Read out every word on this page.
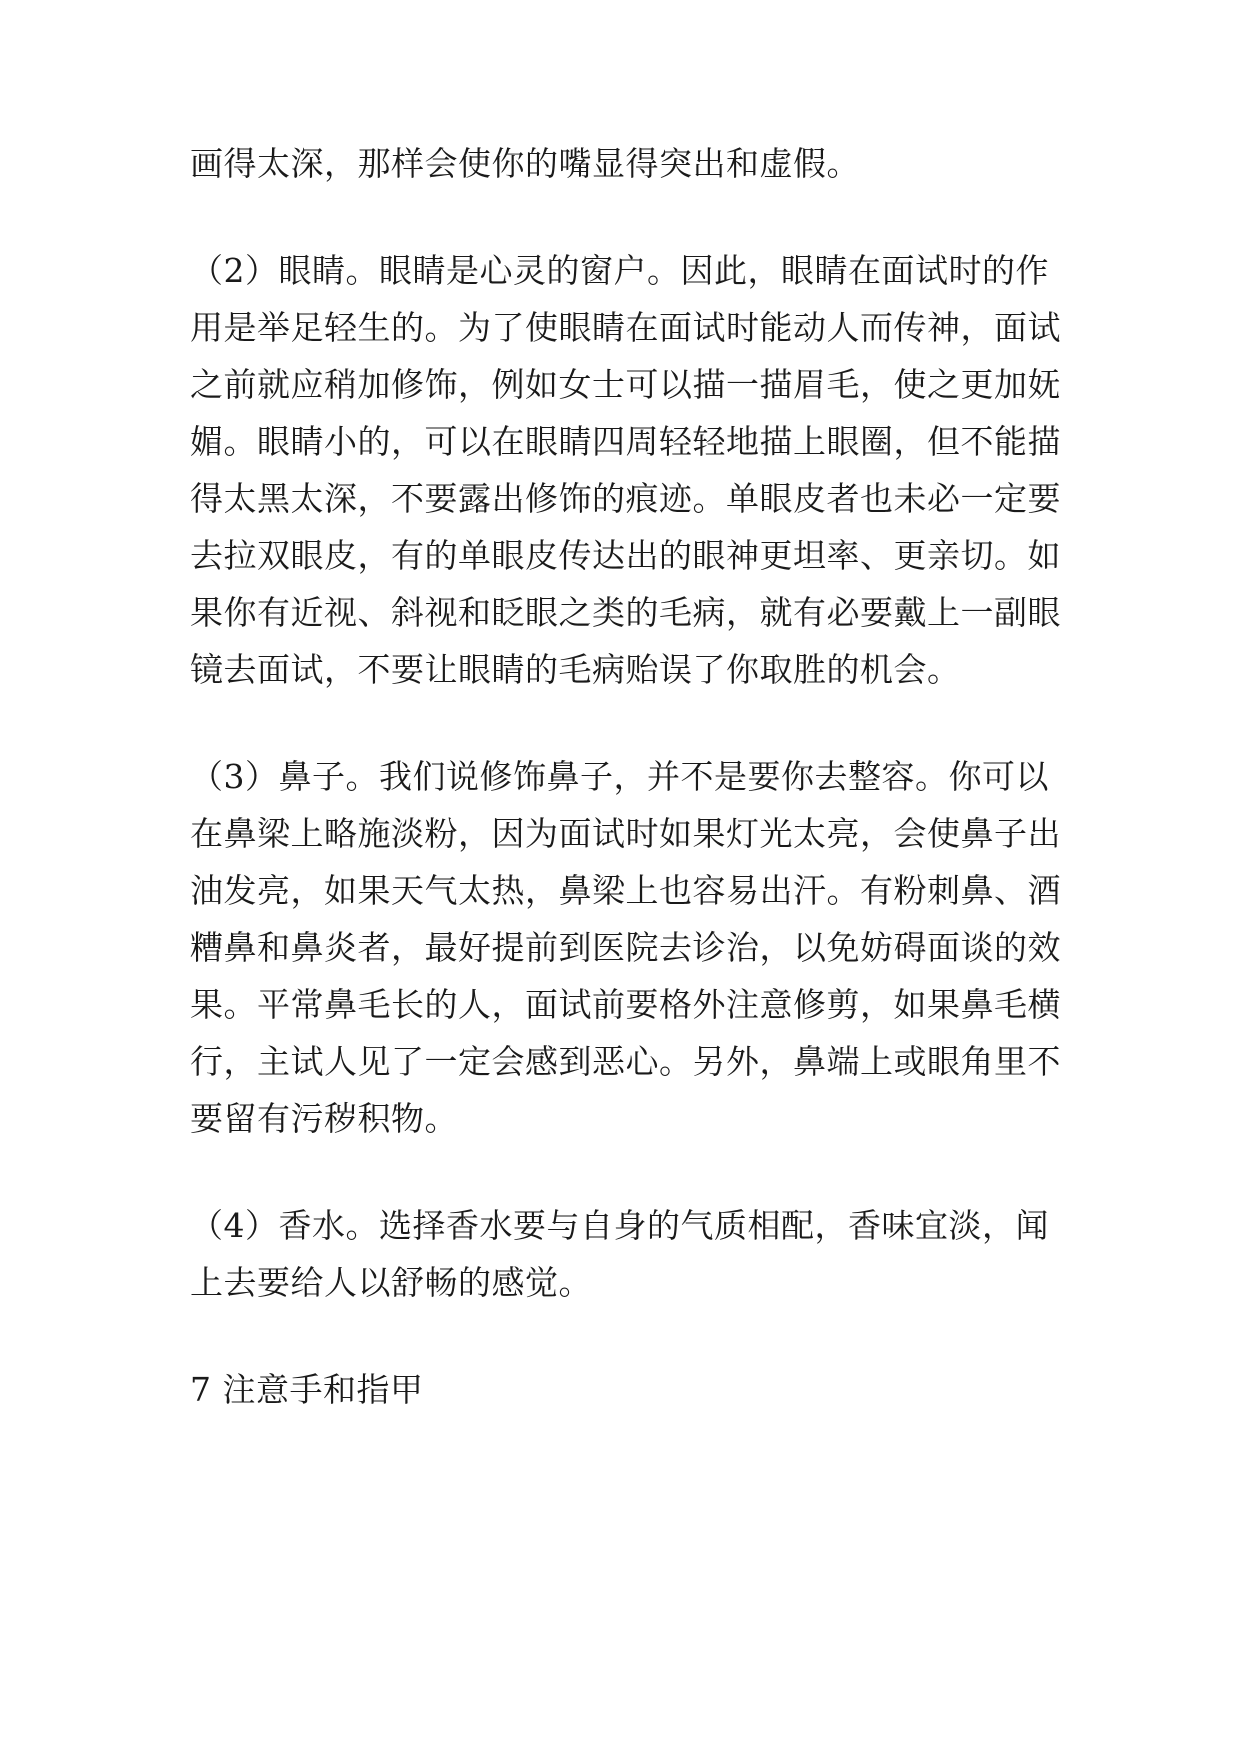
画得太深，那样会使你的嘴显得突出和虚假。
（2）眼睛。眼睛是心灵的窗户。因此，眼睛在面试时的作
用是举足轻生的。为了使眼睛在面试时能动人而传神，面试
之前就应稍加修饰，例如女士可以描一描眉毛，使之更加妩
媚。眼睛小的，可以在眼睛四周轻轻地描上眼圈，但不能描
得太黑太深，不要露出修饰的痕迹。单眼皮者也未必一定要
去拉双眼皮，有的单眼皮传达出的眼神更坦率、更亲切。如
果你有近视、斜视和眨眼之类的毛病，就有必要戴上一副眼
镜去面试，不要让眼睛的毛病贻误了你取胜的机会。
（3）鼻子。我们说修饰鼻子，并不是要你去整容。你可以
在鼻梁上略施淡粉，因为面试时如果灯光太亮，会使鼻子出
油发亮，如果天气太热，鼻梁上也容易出汗。有粉刺鼻、酒
糟鼻和鼻炎者，最好提前到医院去诊治，以免妨碍面谈的效
果。平常鼻毛长的人，面试前要格外注意修剪，如果鼻毛横
行，主试人见了一定会感到恶心。另外，鼻端上或眼角里不
要留有污秽积物。
（4）香水。选择香水要与自身的气质相配，香味宜淡，闻
上去要给人以舒畅的感觉。
7 注意手和指甲
